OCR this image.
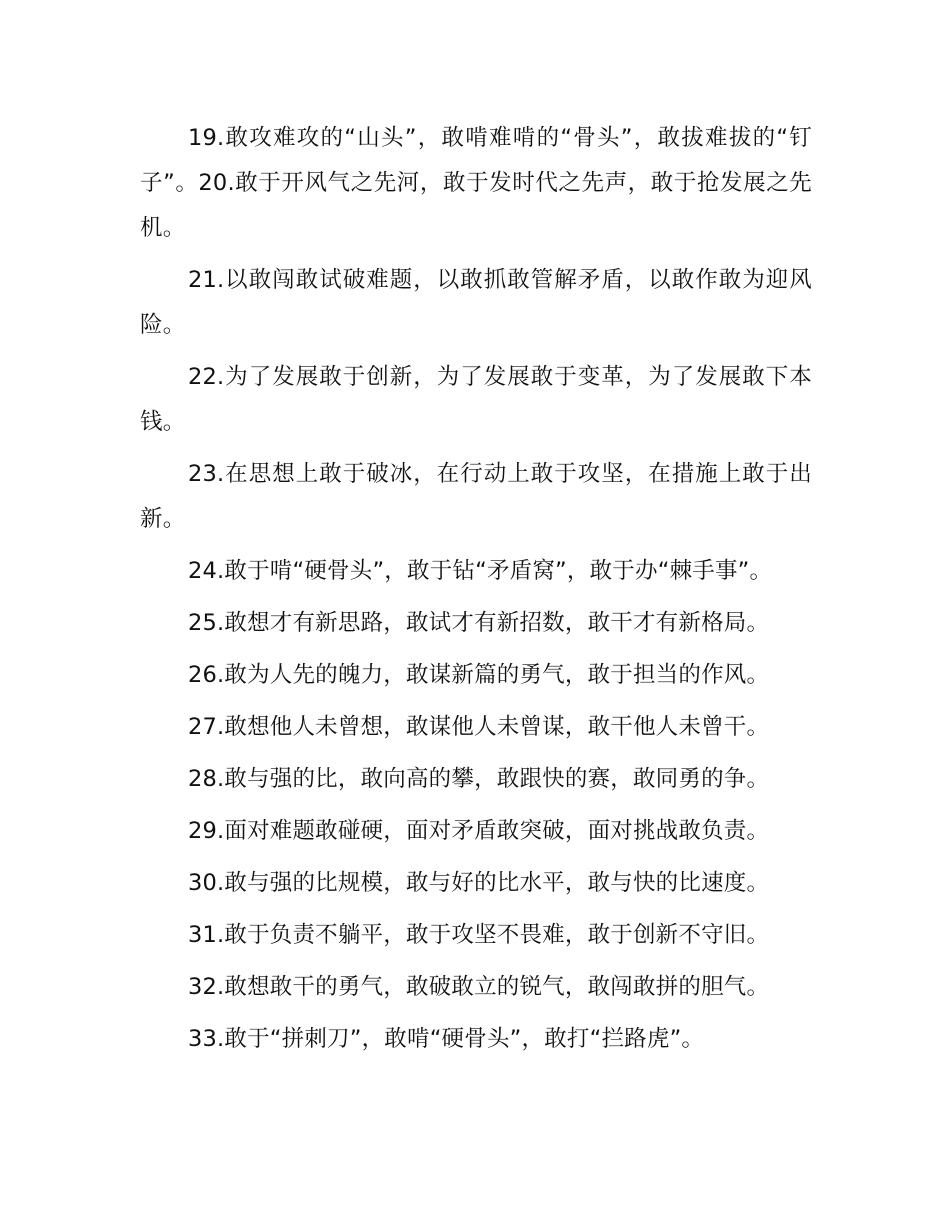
19.敢攻难攻的“山头”，敢啃难啃的“骨头”，敢拔难拔的“钉子”。20.敢于开风气之先河，敢于发时代之先声，敢于抢发展之先机。

21.以敢闯敢试破难题，以敢抓敢管解矛盾，以敢作敢为迎风险。

22.为了发展敢于创新，为了发展敢于变革，为了发展敢下本钱。

23.在思想上敢于破冰，在行动上敢于攻坚，在措施上敢于出新。

24.敢于啃“硬骨头”，敢于钻“矛盾窝”，敢于办“棘手事”。

25.敢想才有新思路，敢试才有新招数，敢干才有新格局。

26.敢为人先的魄力，敢谋新篇的勇气，敢于担当的作风。

27.敢想他人未曾想，敢谋他人未曾谋，敢干他人未曾干。

28.敢与强的比，敢向高的攀，敢跟快的赛，敢同勇的争。

29.面对难题敢碰硬，面对矛盾敢突破，面对挑战敢负责。

30.敢与强的比规模，敢与好的比水平，敢与快的比速度。

31.敢于负责不躺平，敢于攻坚不畏难，敢于创新不守旧。

32.敢想敢干的勇气，敢破敢立的锐气，敢闯敢拼的胆气。

33.敢于“拼刺刀”，敢啃“硬骨头”，敢打“拦路虎”。
